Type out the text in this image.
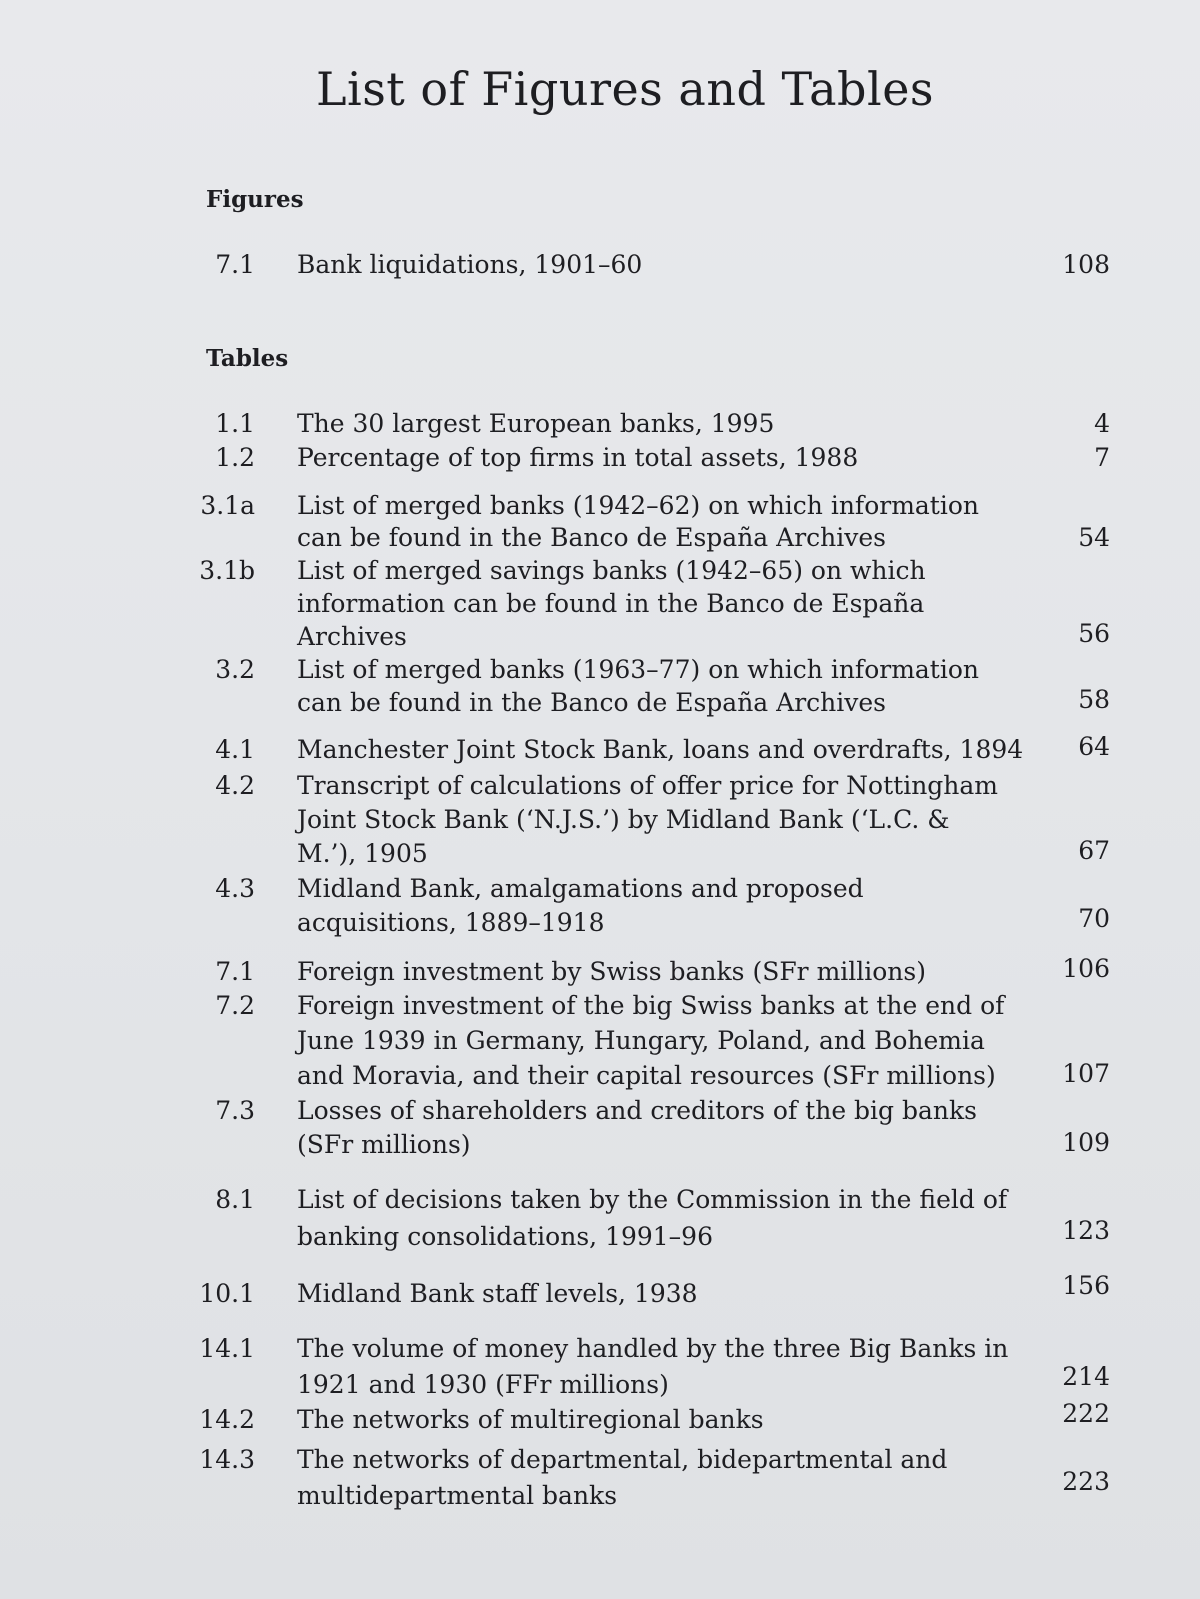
List of Figures and Tables
Figures
7.1 Bank liquidations, 1901–60	108
Tables
1.1 The 30 largest European banks, 1995	4
1.2 Percentage of top firms in total assets, 1988	7
3.1a List of merged banks (1942–62) on which information
can be found in the Banco de España Archives	54
3.1b List of merged savings banks (1942–65) on which
information can be found in the Banco de España
Archives	56
3.2 List of merged banks (1963–77) on which information
can be found in the Banco de España Archives	58
4.1 Manchester Joint Stock Bank, loans and overdrafts, 1894	64
4.2 Transcript of calculations of offer price for Nottingham
Joint Stock Bank (‘N.J.S.’) by Midland Bank (‘L.C. &
M.’), 1905	67
4.3 Midland Bank, amalgamations and proposed
acquisitions, 1889–1918	70
7.1 Foreign investment by Swiss banks (SFr millions)	106
7.2 Foreign investment of the big Swiss banks at the end of
June 1939 in Germany, Hungary, Poland, and Bohemia
and Moravia, and their capital resources (SFr millions)	107
7.3 Losses of shareholders and creditors of the big banks
(SFr millions)	109
8.1 List of decisions taken by the Commission in the field of
banking consolidations, 1991–96	123
10.1 Midland Bank staff levels, 1938	156
14.1 The volume of money handled by the three Big Banks in
1921 and 1930 (FFr millions)	214
14.2 The networks of multiregional banks	222
14.3 The networks of departmental, bidepartmental and
multidepartmental banks	223
